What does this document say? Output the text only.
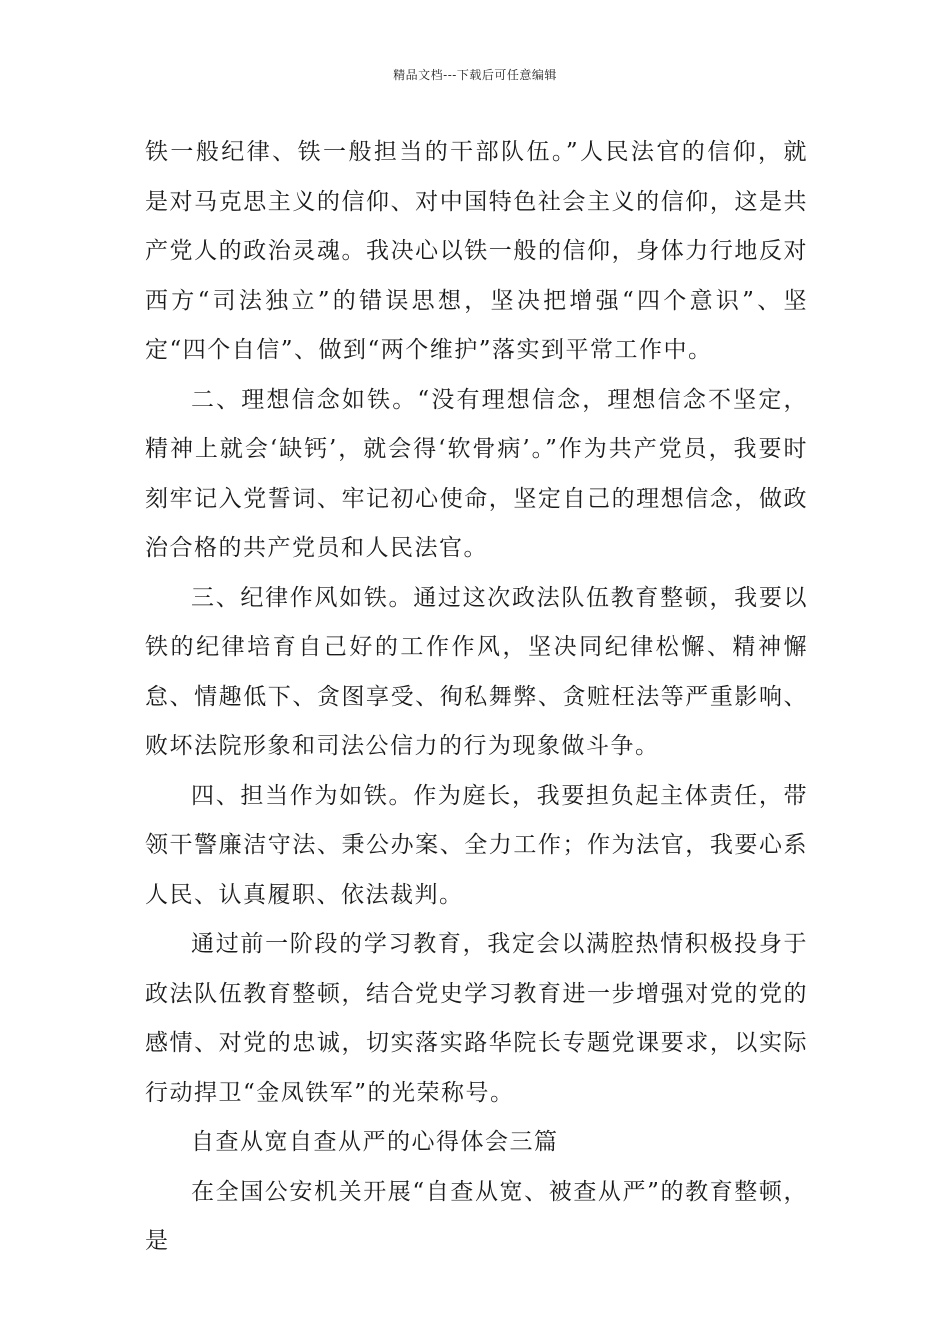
精品文档---下载后可任意编辑

铁一般纪律、铁一般担当的干部队伍。”人民法官的信仰，就是对马克思主义的信仰、对中国特色社会主义的信仰，这是共产党人的政治灵魂。我决心以铁一般的信仰，身体力行地反对西方“司法独立”的错误思想，坚决把增强“四个意识”、坚定“四个自信”、做到“两个维护”落实到平常工作中。

二、理想信念如铁。“没有理想信念，理想信念不坚定，精神上就会‘缺钙’，就会得‘软骨病’。”作为共产党员，我要时刻牢记入党誓词、牢记初心使命，坚定自己的理想信念，做政治合格的共产党员和人民法官。

三、纪律作风如铁。通过这次政法队伍教育整顿，我要以铁的纪律培育自己好的工作作风，坚决同纪律松懈、精神懈怠、情趣低下、贪图享受、徇私舞弊、贪赃枉法等严重影响、败坏法院形象和司法公信力的行为现象做斗争。

四、担当作为如铁。作为庭长，我要担负起主体责任，带领干警廉洁守法、秉公办案、全力工作；作为法官，我要心系人民、认真履职、依法裁判。

通过前一阶段的学习教育，我定会以满腔热情积极投身于政法队伍教育整顿，结合党史学习教育进一步增强对党的党的感情、对党的忠诚，切实落实路华院长专题党课要求，以实际行动捍卫“金凤铁军”的光荣称号。

自查从宽自查从严的心得体会三篇

在全国公安机关开展“自查从宽、被查从严”的教育整顿，是
